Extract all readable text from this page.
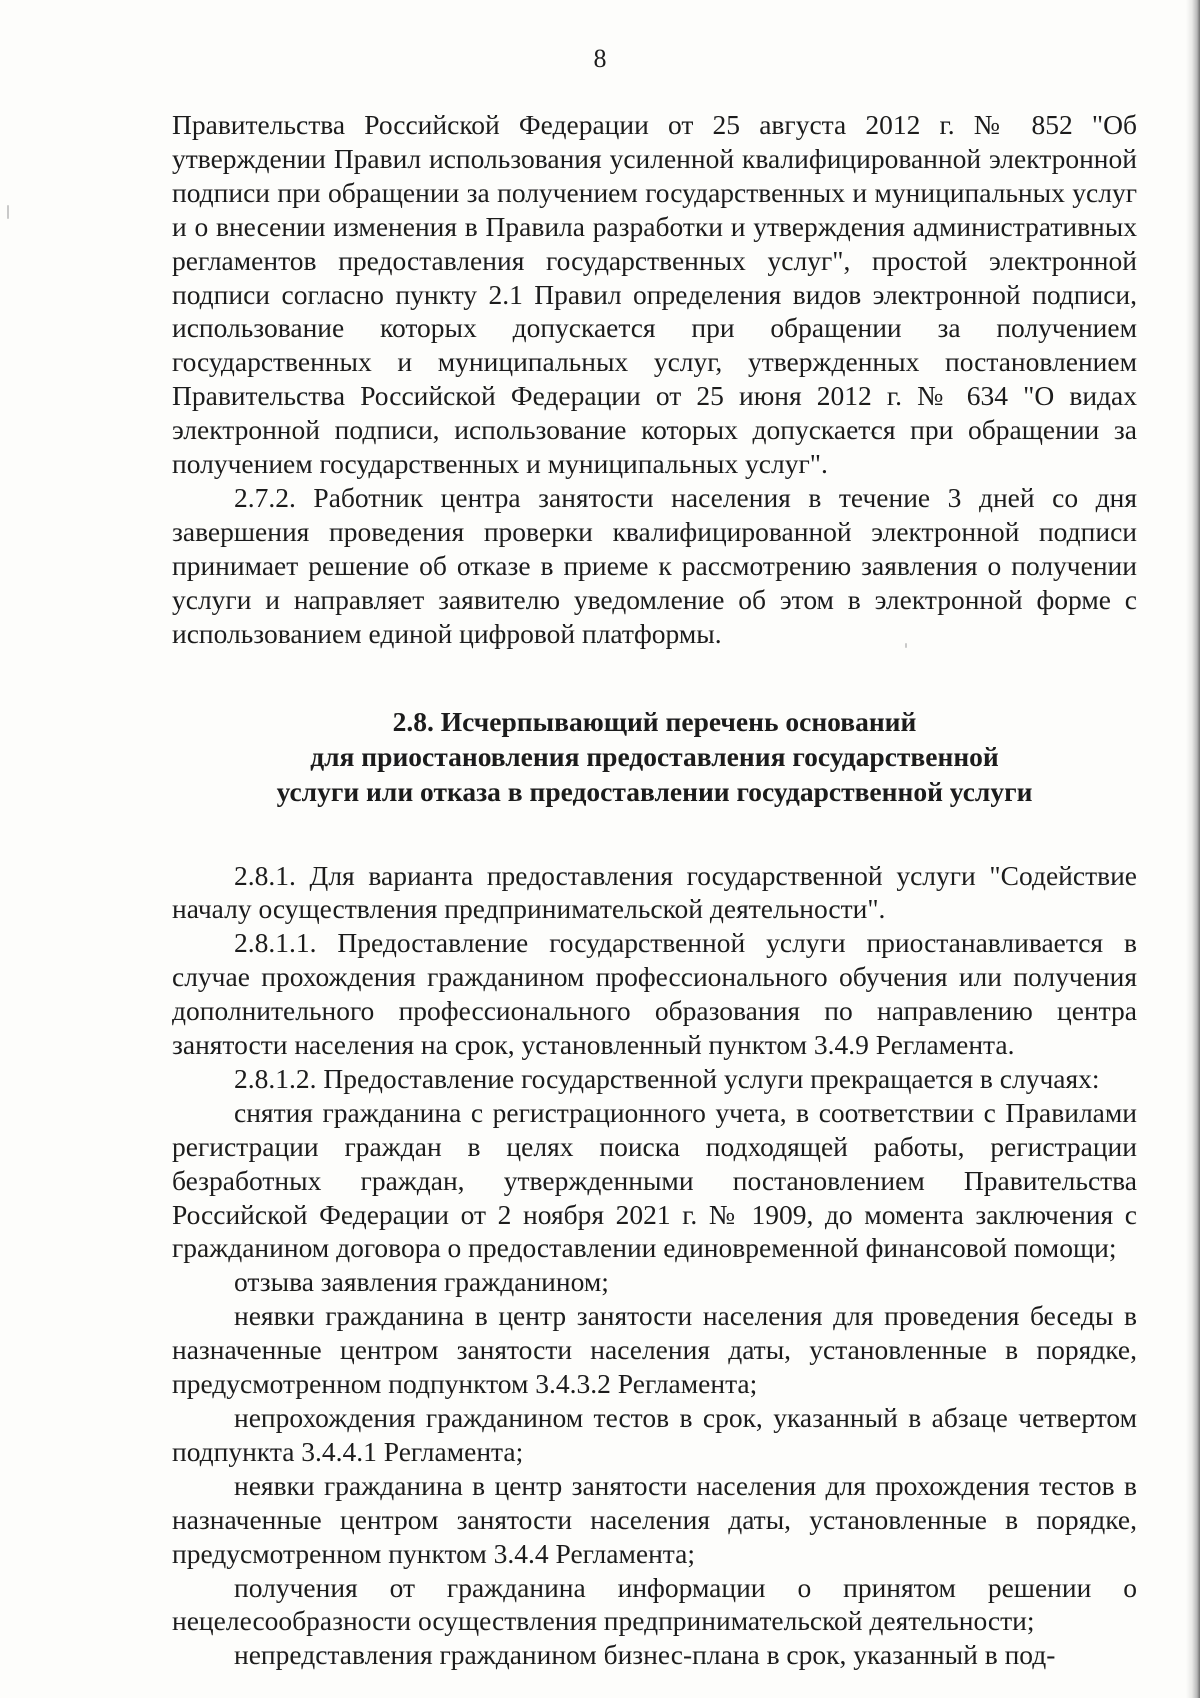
8

Правительства Российской Федерации от 25 августа 2012 г. № 852 "Об утверждении Правил использования усиленной квалифицированной электронной подписи при обращении за получением государственных и муниципальных услуг и о внесении изменения в Правила разработки и утверждения административных регламентов предоставления государственных услуг", простой электронной подписи согласно пункту 2.1 Правил определения видов электронной подписи, использование которых допускается при обращении за получением государственных и муниципальных услуг, утвержденных постановлением Правительства Российской Федерации от 25 июня 2012 г. № 634 "О видах электронной подписи, использование которых допускается при обращении за получением государственных и муниципальных услуг".

2.7.2. Работник центра занятости населения в течение 3 дней со дня завершения проведения проверки квалифицированной электронной подписи принимает решение об отказе в приеме к рассмотрению заявления о получении услуги и направляет заявителю уведомление об этом в электронной форме с использованием единой цифровой платформы.

2.8. Исчерпывающий перечень оснований
для приостановления предоставления государственной
услуги или отказа в предоставлении государственной услуги

2.8.1. Для варианта предоставления государственной услуги "Содействие началу осуществления предпринимательской деятельности".

2.8.1.1. Предоставление государственной услуги приостанавливается в случае прохождения гражданином профессионального обучения или получения дополнительного профессионального образования по направлению центра занятости населения на срок, установленный пунктом 3.4.9 Регламента.

2.8.1.2. Предоставление государственной услуги прекращается в случаях:

снятия гражданина с регистрационного учета, в соответствии с Правилами регистрации граждан в целях поиска подходящей работы, регистрации безработных граждан, утвержденными постановлением Правительства Российской Федерации от 2 ноября 2021 г. № 1909, до момента заключения с гражданином договора о предоставлении единовременной финансовой помощи;

отзыва заявления гражданином;

неявки гражданина в центр занятости населения для проведения беседы в назначенные центром занятости населения даты, установленные в порядке, предусмотренном подпунктом 3.4.3.2 Регламента;

непрохождения гражданином тестов в срок, указанный в абзаце четвертом подпункта 3.4.4.1 Регламента;

неявки гражданина в центр занятости населения для прохождения тестов в назначенные центром занятости населения даты, установленные в порядке, предусмотренном пунктом 3.4.4 Регламента;

получения от гражданина информации о принятом решении о нецелесообразности осуществления предпринимательской деятельности;

непредставления гражданином бизнес-плана в срок, указанный в под-
